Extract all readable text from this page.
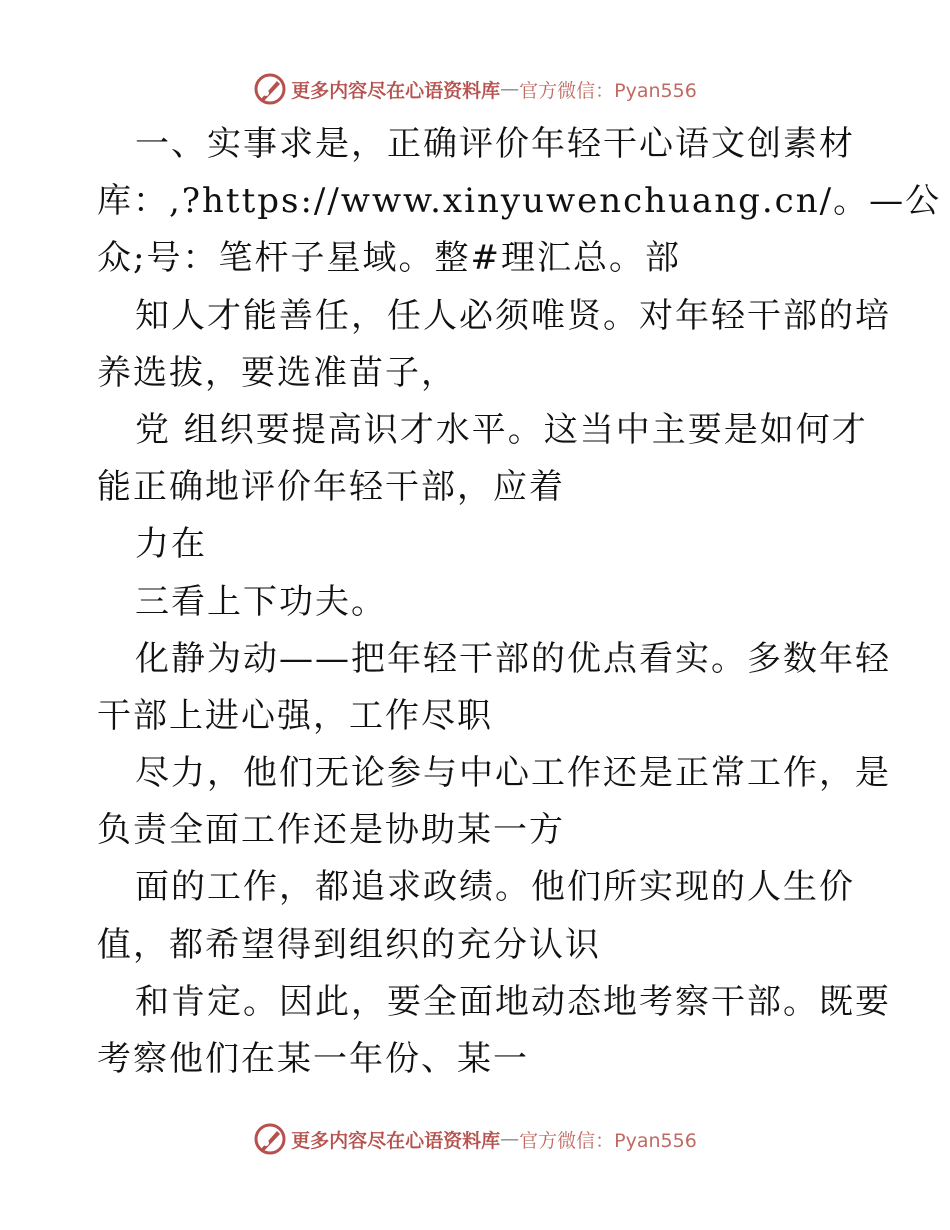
更多内容尽在心语资料库 — 官方微信：Pyan556
一、实事求是，正确评价年轻干心语文创素材
库：,?https://www.xinyuwenchuang.cn/。—公
众;号：笔杆子星域。整#理汇总。部
知人才能善任，任人必须唯贤。对年轻干部的培
养选拔，要选准苗子，
党 组织要提高识才水平。这当中主要是如何才
能正确地评价年轻干部，应着
力在
三看上下功夫。
化静为动——把年轻干部的优点看实。多数年轻
干部上进心强，工作尽职
尽力，他们无论参与中心工作还是正常工作，是
负责全面工作还是协助某一方
面的工作，都追求政绩。他们所实现的人生价
值，都希望得到组织的充分认识
和肯定。因此，要全面地动态地考察干部。既要
考察他们在某一年份、某一
更多内容尽在心语资料库 — 官方微信：Pyan556
